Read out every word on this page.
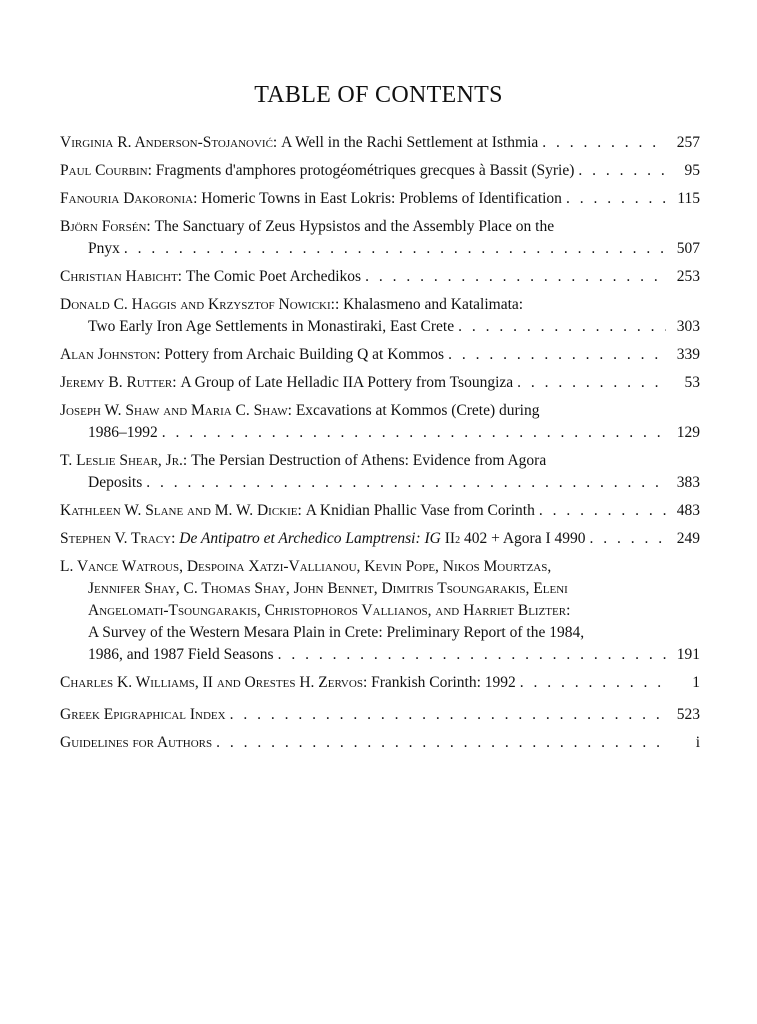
TABLE OF CONTENTS
Virginia R. Anderson-Stojanović:
A Well in the Rachi Settlement at Isthmia . . .	257
Paul Courbin:
Fragments d'amphores protogéométriques grecques à Bassit (Syrie) . . .	95
Fanouria Dakoronia:
Homeric Towns in East Lokris: Problems of Identification . . .	115
Björn Forsén:
The Sanctuary of Zeus Hypsistos and the Assembly Place on the
Pnyx . . .	507
Christian Habicht:
The Comic Poet Archedikos . . .	253
Donald C. Haggis and Krzysztof Nowicki::
Khalasmeno and Katalimata:
Two Early Iron Age Settlements in Monastiraki, East Crete . . .	303
Alan Johnston:
Pottery from Archaic Building Q at Kommos . . .	339
Jeremy B. Rutter:
A Group of Late Helladic IIA Pottery from Tsoungiza . . .	53
Joseph W. Shaw and Maria C. Shaw:
Excavations at Kommos (Crete) during
1986–1992 . . .	129
T. Leslie Shear, Jr.:
The Persian Destruction of Athens: Evidence from Agora
Deposits . . .	383
Kathleen W. Slane and M. W. Dickie:
A Knidian Phallic Vase from Corinth . . .	483
Stephen V. Tracy:
De Antipatro et Archedico Lamptrensi: IG
II 2
402 + Agora I 4990 . . .	249
L. Vance Watrous, Despoina Xatzi-Vallianou, Kevin Pope, Nikos Mourtzas,
Jennifer Shay, C. Thomas Shay, John Bennet, Dimitris Tsoungarakis, Eleni
Angelomati-Tsoungarakis, Christophoros Vallianos, and Harriet Blizter:
A Survey of the Western Mesara Plain in Crete: Preliminary Report of the 1984,
1986, and 1987 Field Seasons . . .	191
Charles K. Williams, II and Orestes H. Zervos:
Frankish Corinth: 1992 . . .	1
Greek Epigraphical Index . . .	523
Guidelines for Authors . . .	i
